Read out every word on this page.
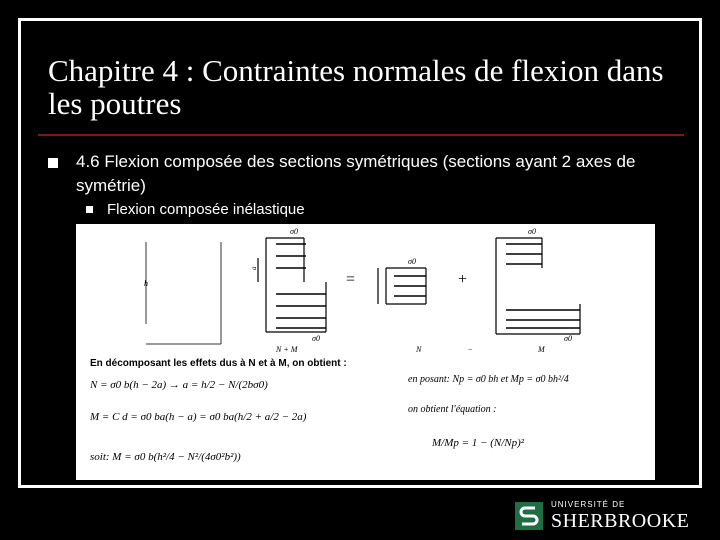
Chapitre 4 : Contraintes normales de flexion dans les poutres
4.6 Flexion composée des sections symétriques (sections ayant 2 axes de symétrie)
Flexion composée inélastique
h
σ0
σ0
a
N + M
=
σ0
N
+
−
σ0
σ0
M
En décomposant les effets dus à N et à M, on obtient :
N = σ0 b(h − 2a) → a = h/2 − N/(2bσ0)
M = C d = σ0 ba(h − a) = σ0 ba(h/2 + a/2 − 2a)
soit: M = σ0 b(h²/4 − N²/(4σ0²b²))
en posant: Np = σ0 bh et Mp = σ0 bh²/4
on obtient l'équation :
M/Mp = 1 − (N/Np)²
UNIVERSITÉ DE
SHERBROOKE
